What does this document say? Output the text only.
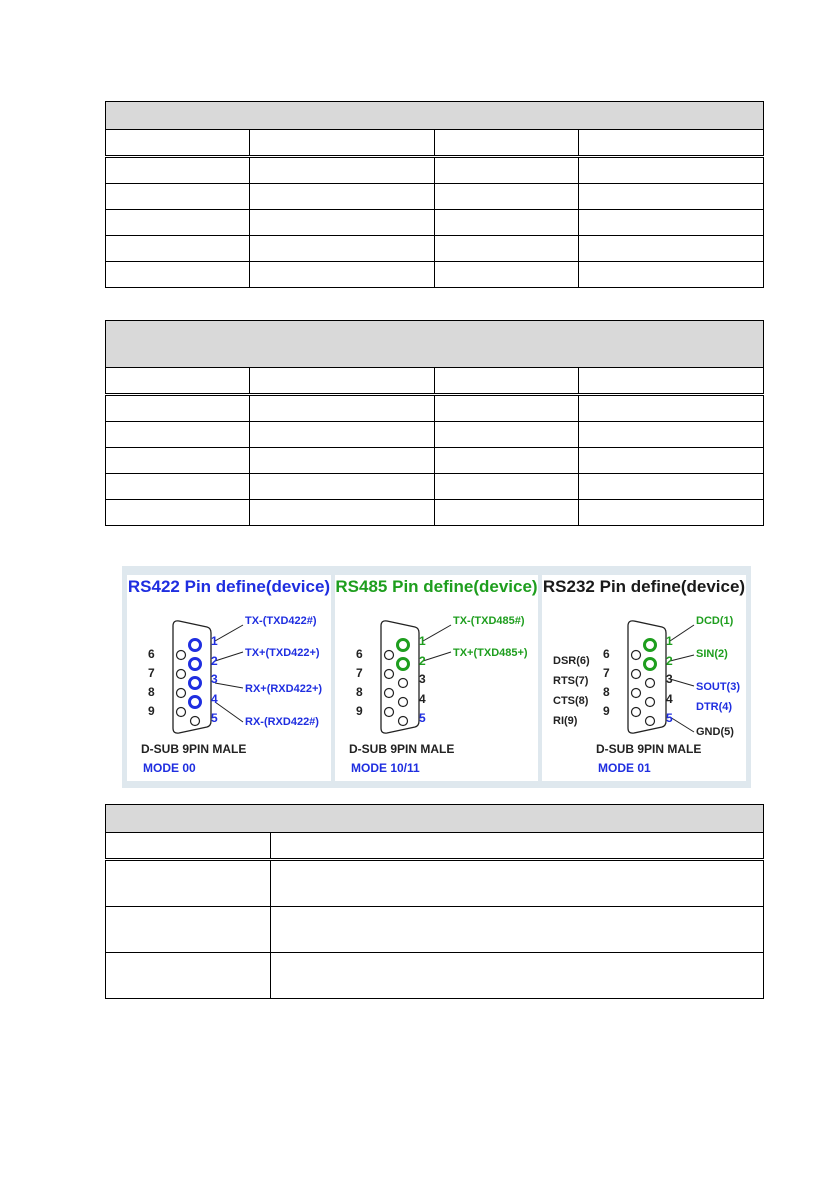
RS422 Pin define(device)
6
7
8
9
1
2
3
4
5
TX-(TXD422#)
TX+(TXD422+)
RX+(RXD422+)
RX-(RXD422#)
D-SUB 9PIN MALE
MODE 00
RS485 Pin define(device)
6
7
8
9
1
2
3
4
5
TX-(TXD485#)
TX+(TXD485+)
D-SUB 9PIN MALE
MODE 10/11
RS232 Pin define(device)
DSR(6)
RTS(7)
CTS(8)
RI(9)
6
7
8
9
1
2
3
4
5
DCD(1)
SIN(2)
SOUT(3)
DTR(4)
GND(5)
D-SUB 9PIN MALE
MODE 01
